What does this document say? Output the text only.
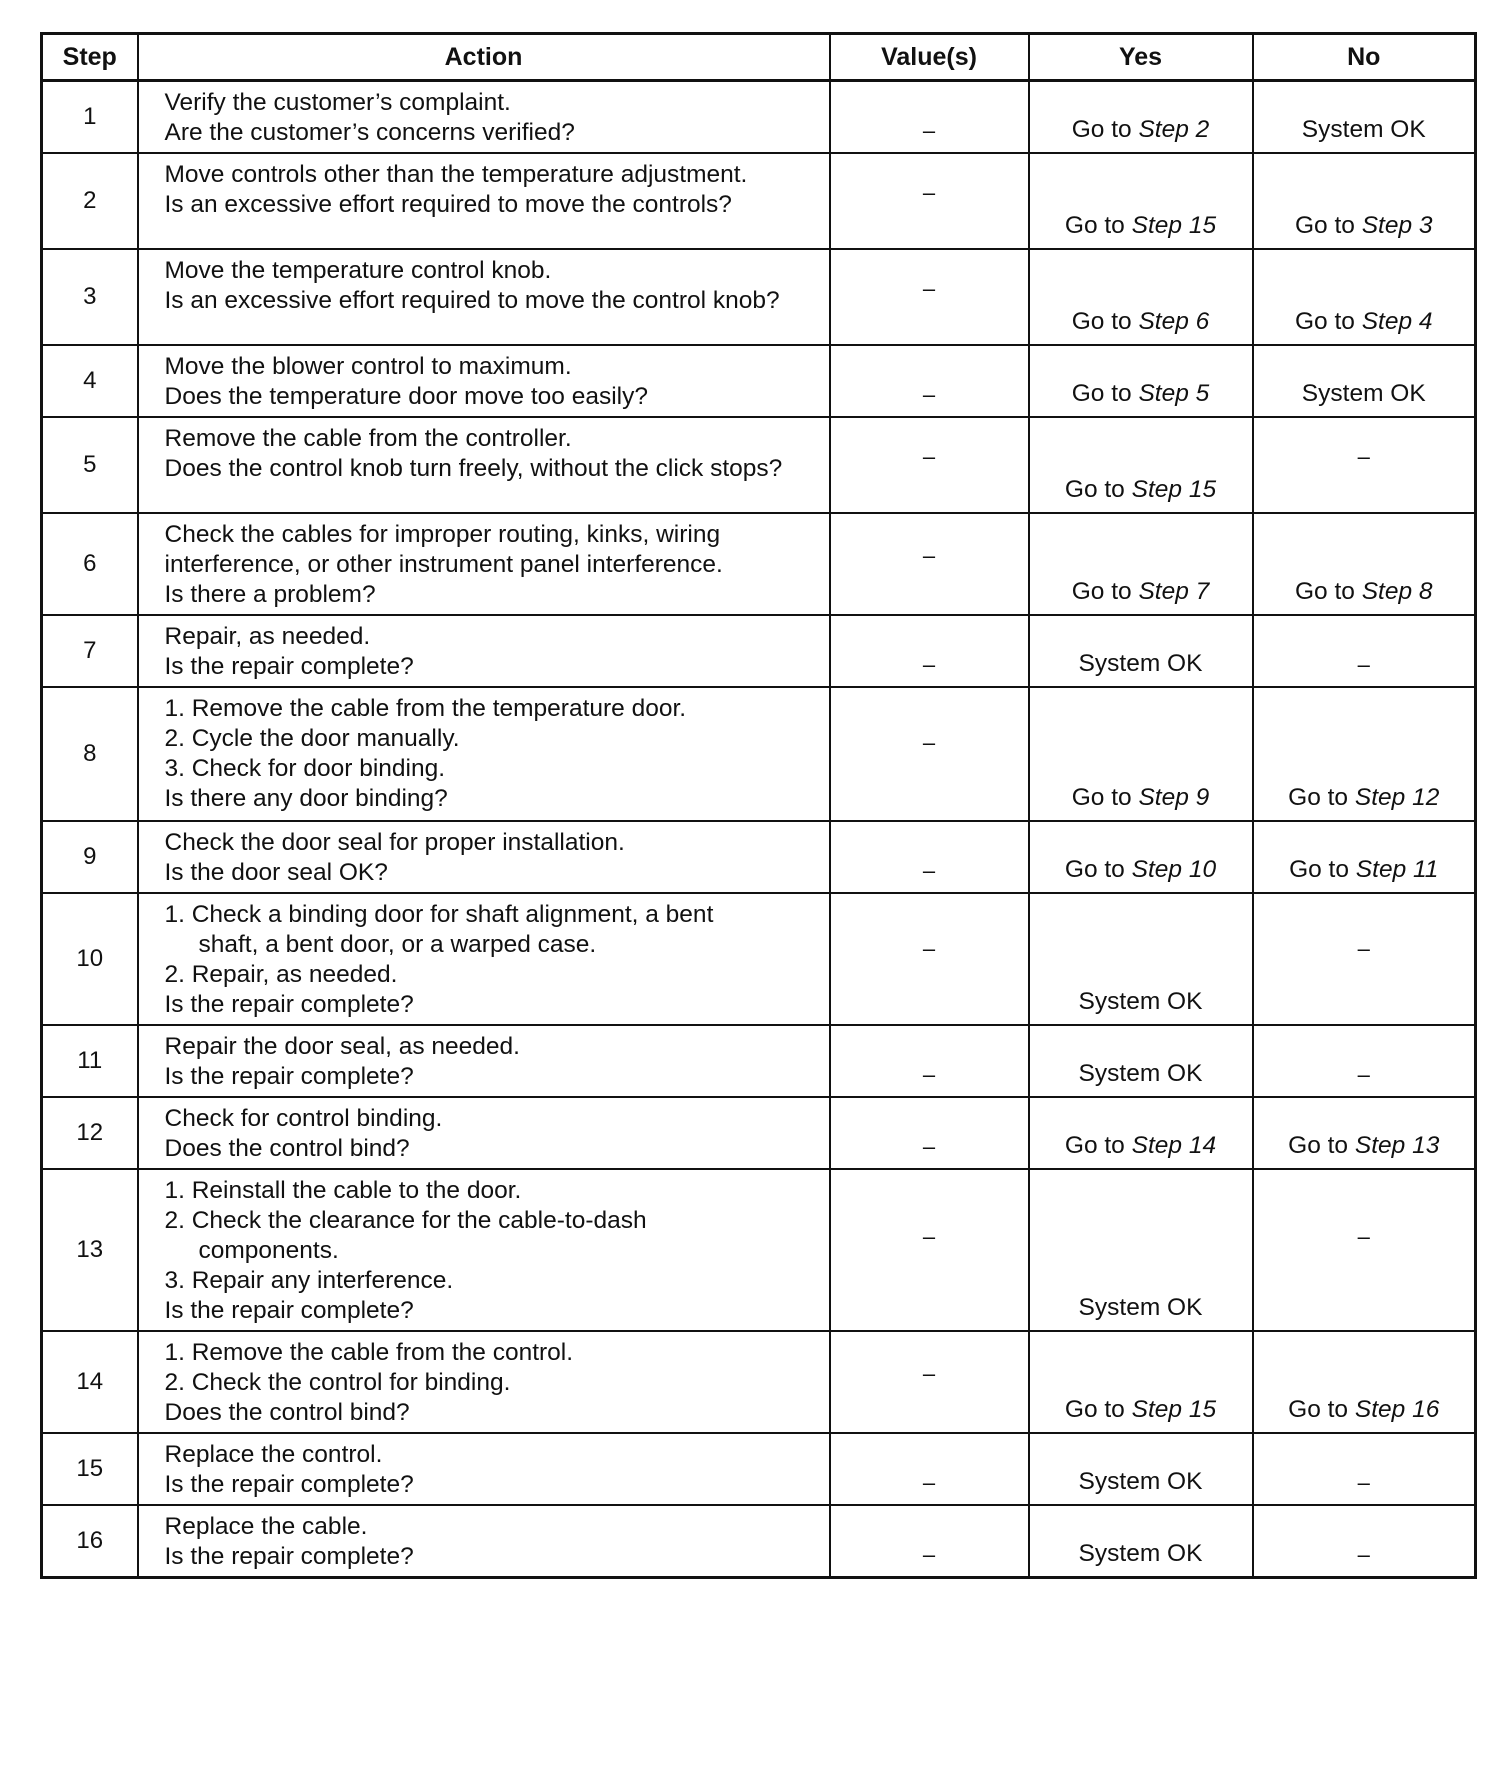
Step	Action	Value(s)	Yes	No
1	Verify the customer’s complaint.
Are the customer’s concerns verified?	–	Go to Step 2	System OK

2	Move controls other than the temperature adjustment.
Is an excessive effort required to move the controls?	–	Go to Step 15	Go to Step 3

3	Move the temperature control knob.
Is an excessive effort required to move the control knob?	–	Go to Step 6	Go to Step 4

4	Move the blower control to maximum.
Does the temperature door move too easily?	–	Go to Step 5	System OK

5	Remove the cable from the controller.
Does the control knob turn freely, without the click stops?	–	Go to Step 15	–

6	Check the cables for improper routing, kinks, wiring interference, or other instrument panel interference.
Is there a problem?	–	Go to Step 7	Go to Step 8

7	Repair, as needed.
Is the repair complete?	–	System OK	–

8	1. Remove the cable from the temperature door.
2. Cycle the door manually.
3. Check for door binding.
Is there any door binding?	–	Go to Step 9	Go to Step 12

9	Check the door seal for proper installation.
Is the door seal OK?	–	Go to Step 10	Go to Step 11

10	1. Check a binding door for shaft alignment, a bent
shaft, a bent door, or a warped case.
2. Repair, as needed.
Is the repair complete?	–	System OK	–

11	Repair the door seal, as needed.
Is the repair complete?	–	System OK	–

12	Check for control binding.
Does the control bind?	–	Go to Step 14	Go to Step 13

13	1. Reinstall the cable to the door.
2. Check the clearance for the cable-to-dash
components.
3. Repair any interference.
Is the repair complete?	–	System OK	–

14	1. Remove the cable from the control.
2. Check the control for binding.
Does the control bind?	–	Go to Step 15	Go to Step 16

15	Replace the control.
Is the repair complete?	–	System OK	–

16	Replace the cable.
Is the repair complete?	–	System OK	–
